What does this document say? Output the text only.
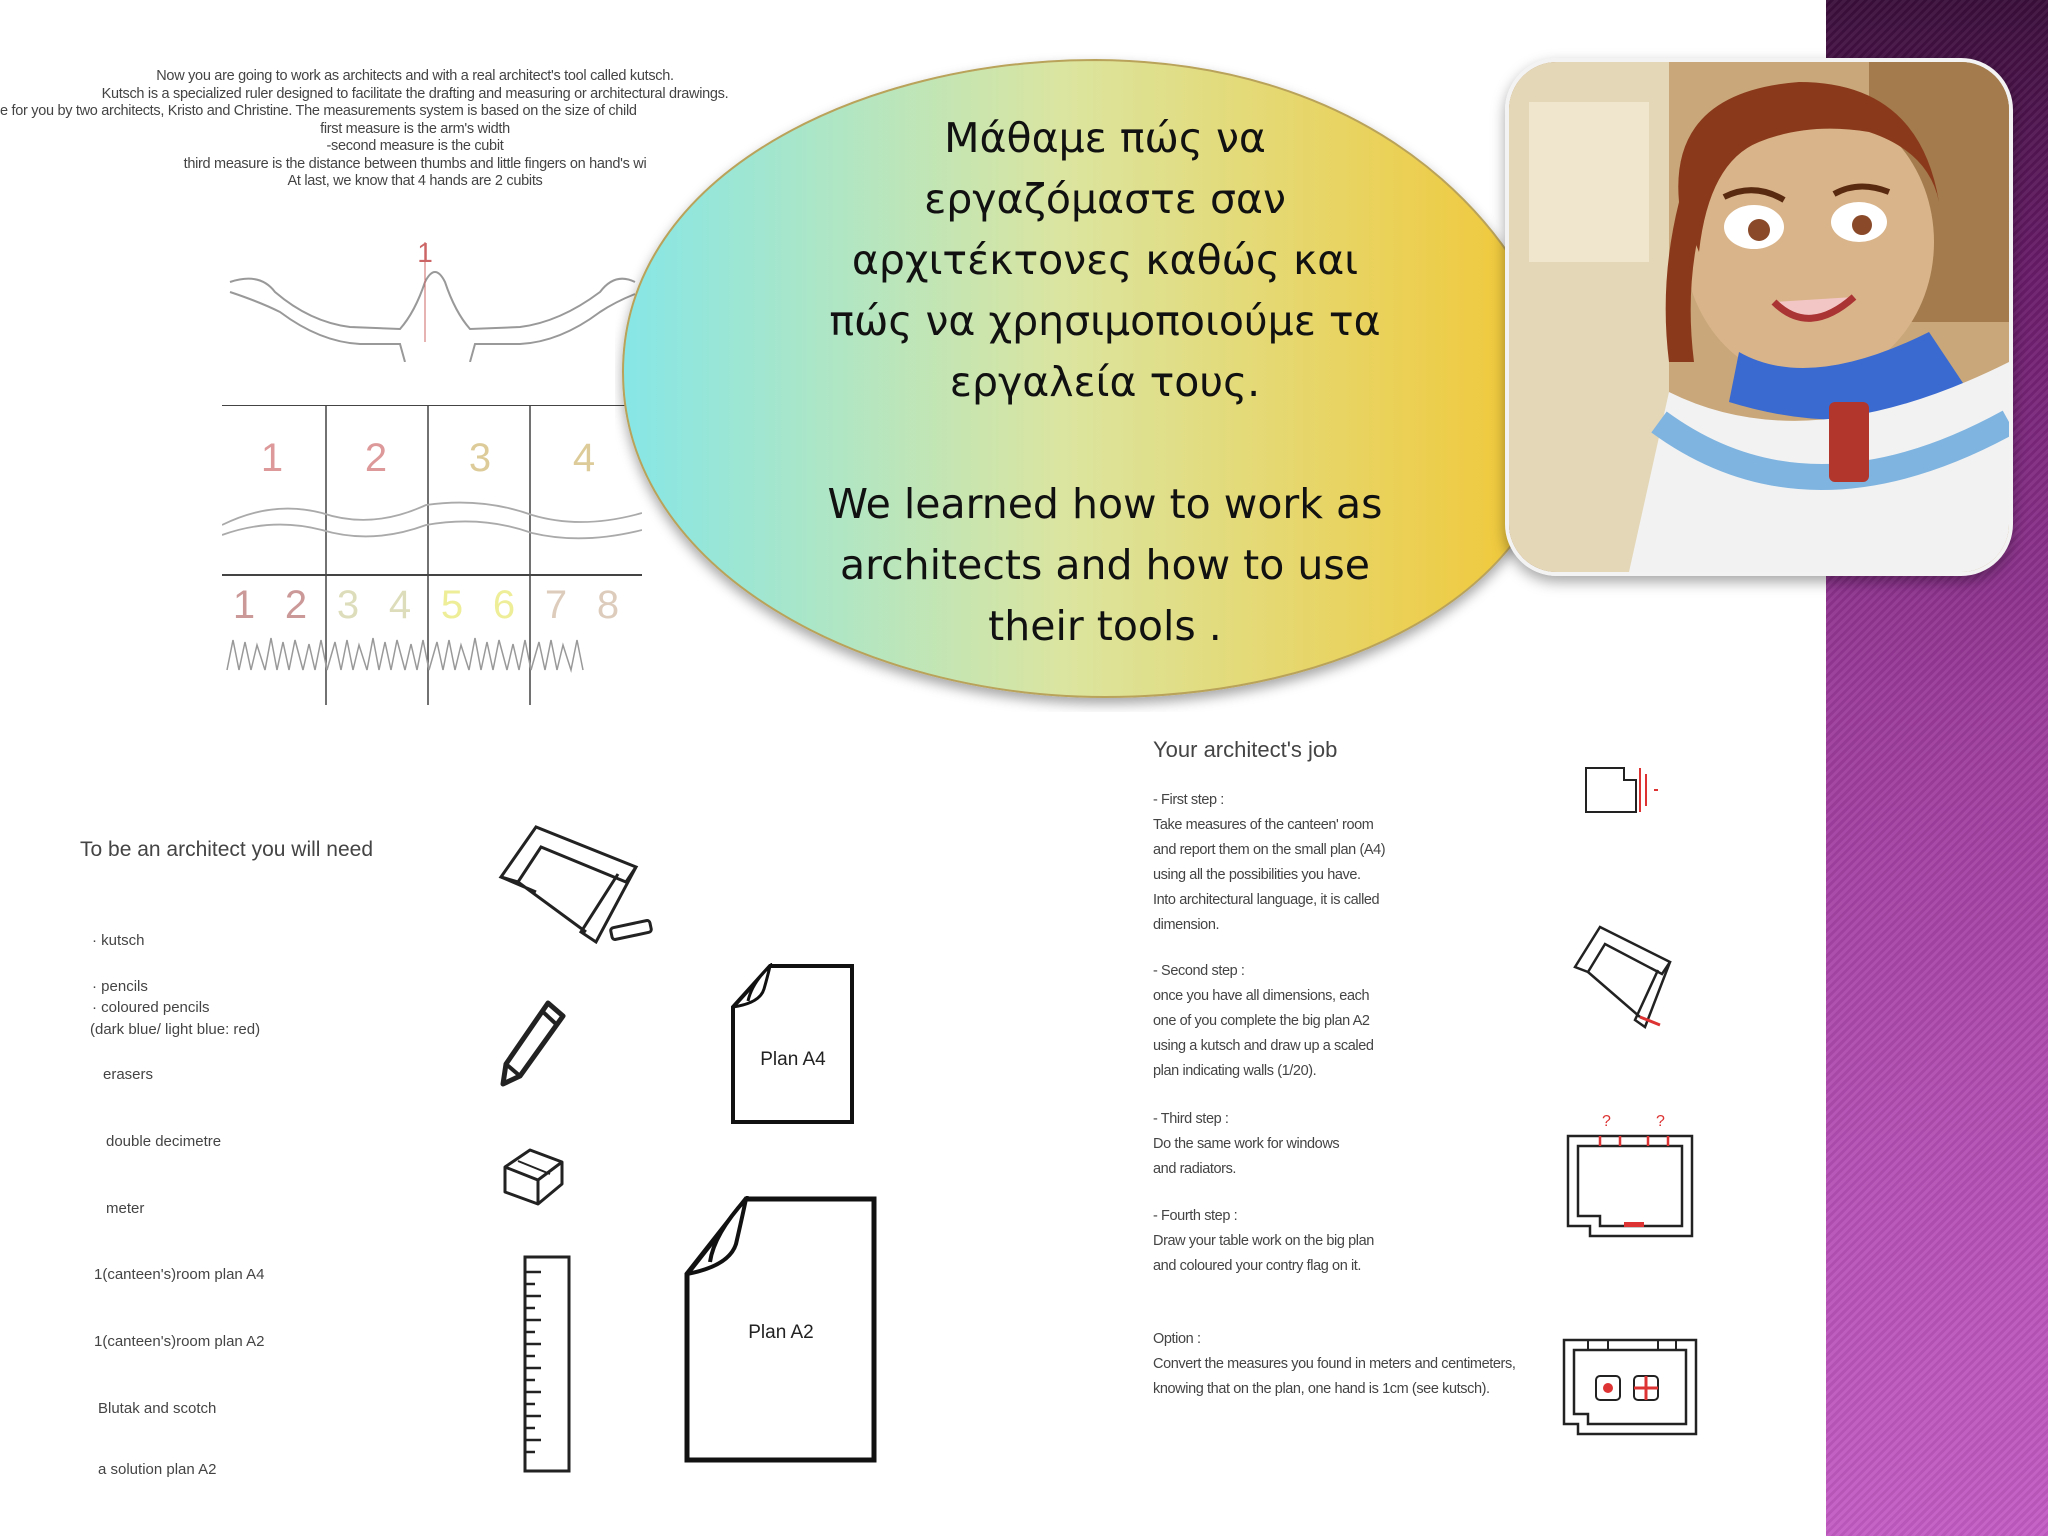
Now you are going to work as architects and with a real architect's tool called kutsch.
Kutsch is a specialized ruler designed to facilitate the drafting and measuring or architectural drawings.
e for you by two architects, Kristo and Christine. The measurements system is based on the size of child
first measure is the arm's width
-second measure is the cubit
third measure is the distance between thumbs and little fingers on hand's wi
At last, we know that 4 hands are 2 cubits
1
1 2 3 4
1 2 3 4 5 6 7 8
Μάθαμε πώς να
εργαζόμαστε σαν
αρχιτέκτονες καθώς και
πώς να χρησιμοποιούμε τα
εργαλεία τους.
We learned how to work as
architects and how to use
their tools .
To be an architect you will need
· kutsch
· pencils
· coloured pencils
(dark blue/ light blue: red)
erasers
double decimetre
meter
1(canteen's)room plan A4
1(canteen's)room plan A2
Blutak and scotch
a solution plan A2
Plan A4
Plan A2
Your architect's job
- First step :
Take measures of the canteen' room
and report them on the small plan (A4)
using all the possibilities you have.
Into architectural language, it is called
dimension.
- Second step :
once you have all dimensions, each
one of you complete the big plan A2
using a kutsch and draw up a scaled
plan indicating walls (1/20).
- Third step :
Do the same work for windows
and radiators.
- Fourth step :
Draw your table work on the big plan
and coloured your contry flag on it.
Option :
Convert the measures you found in meters and centimeters,
knowing that on the plan, one hand is 1cm (see kutsch).
?	?
